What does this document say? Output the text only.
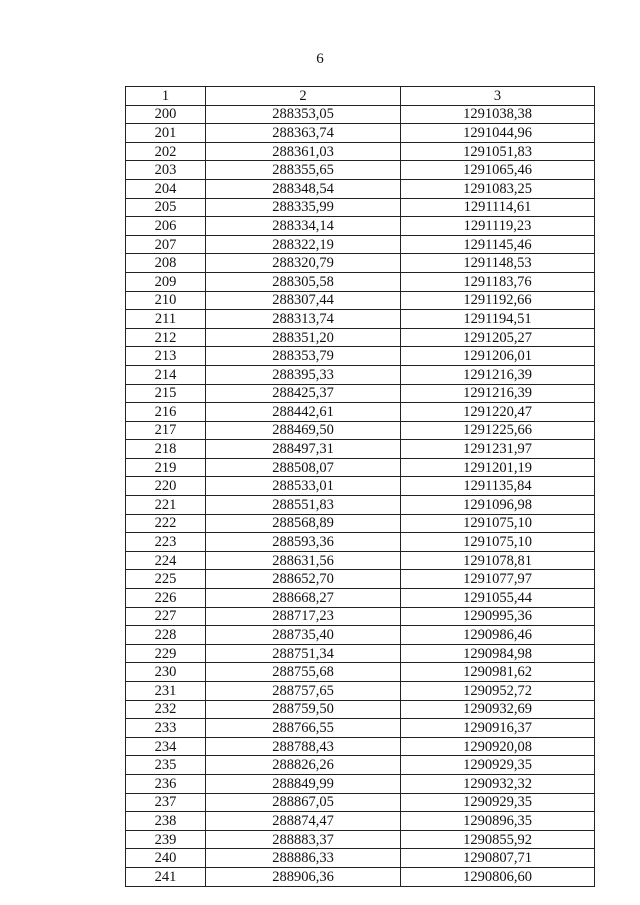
6
1	2	3
200	288353,05	1291038,38
201	288363,74	1291044,96
202	288361,03	1291051,83
203	288355,65	1291065,46
204	288348,54	1291083,25
205	288335,99	1291114,61
206	288334,14	1291119,23
207	288322,19	1291145,46
208	288320,79	1291148,53
209	288305,58	1291183,76
210	288307,44	1291192,66
211	288313,74	1291194,51
212	288351,20	1291205,27
213	288353,79	1291206,01
214	288395,33	1291216,39
215	288425,37	1291216,39
216	288442,61	1291220,47
217	288469,50	1291225,66
218	288497,31	1291231,97
219	288508,07	1291201,19
220	288533,01	1291135,84
221	288551,83	1291096,98
222	288568,89	1291075,10
223	288593,36	1291075,10
224	288631,56	1291078,81
225	288652,70	1291077,97
226	288668,27	1291055,44
227	288717,23	1290995,36
228	288735,40	1290986,46
229	288751,34	1290984,98
230	288755,68	1290981,62
231	288757,65	1290952,72
232	288759,50	1290932,69
233	288766,55	1290916,37
234	288788,43	1290920,08
235	288826,26	1290929,35
236	288849,99	1290932,32
237	288867,05	1290929,35
238	288874,47	1290896,35
239	288883,37	1290855,92
240	288886,33	1290807,71
241	288906,36	1290806,60
